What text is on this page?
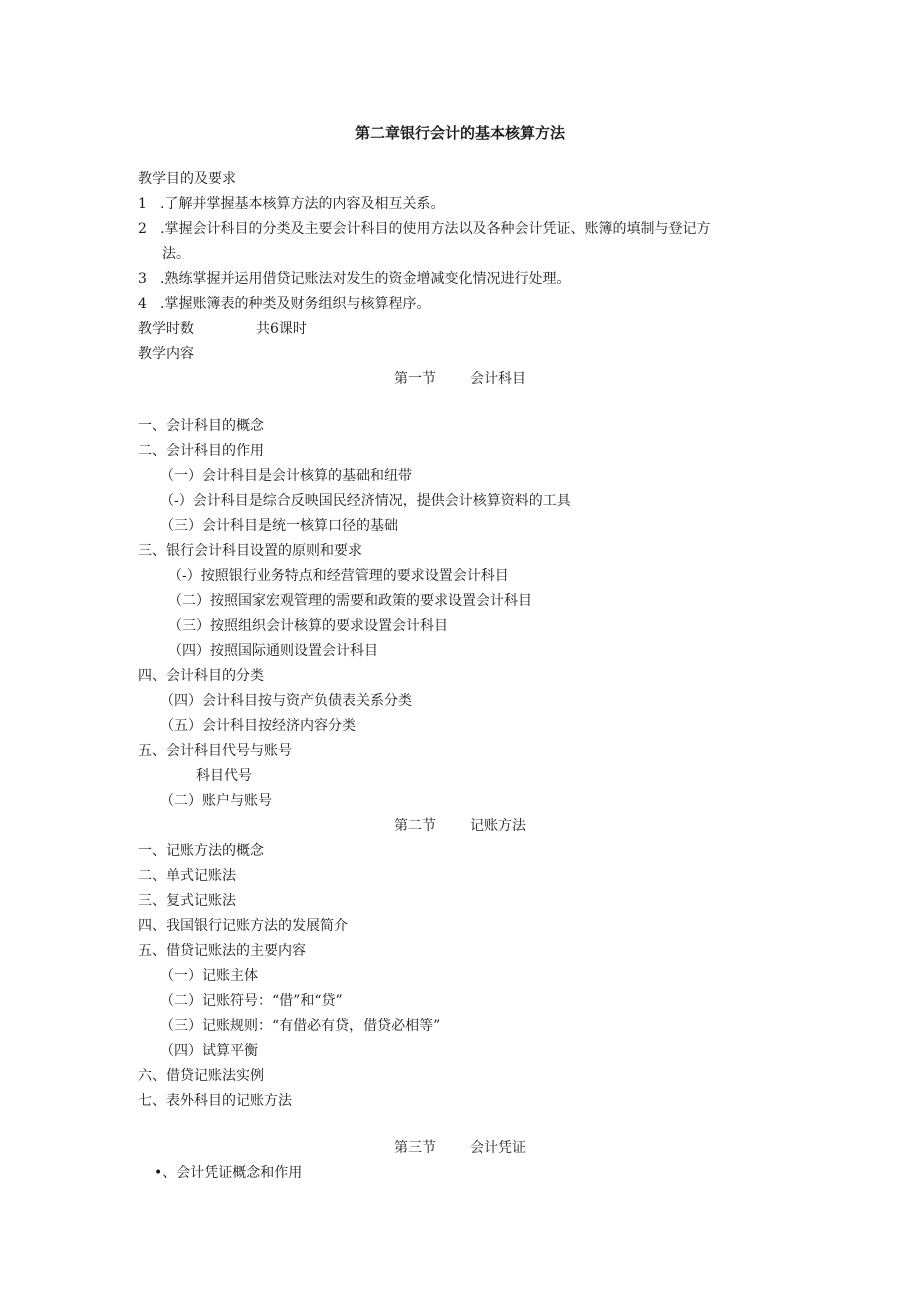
第二章银行会计的基本核算方法
教学目的及要求
1 .了解并掌握基本核算方法的内容及相互关系。
2 .掌握会计科目的分类及主要会计科目的使用方法以及各种会计凭证、账簿的填制与登记方
法。
3 .熟练掌握并运用借贷记账法对发生的资金增减变化情况进行处理。
4 .掌握账簿表的种类及财务组织与核算程序。
教学时数	共6课时
教学内容
第一节 会计科目
一、会计科目的概念
二、会计科目的作用
（一）会计科目是会计核算的基础和纽带
（-）会计科目是综合反映国民经济情况，提供会计核算资料的工具
（三）会计科目是统一核算口径的基础
三、银行会计科目设置的原则和要求
（-）按照银行业务特点和经营管理的要求设置会计科目
（二）按照国家宏观管理的需要和政策的要求设置会计科目
（三）按照组织会计核算的要求设置会计科目
（四）按照国际通则设置会计科目
四、会计科目的分类
（四）会计科目按与资产负债表关系分类
（五）会计科目按经济内容分类
五、会计科目代号与账号
科目代号
（二）账户与账号
第二节 记账方法
一、记账方法的概念
二、单式记账法
三、复式记账法
四、我国银行记账方法的发展简介
五、借贷记账法的主要内容
（一）记账主体
（二）记账符号：“借”和“贷”
（三）记账规则：“有借必有贷，借贷必相等”
（四）试算平衡
六、借贷记账法实例
七、表外科目的记账方法
第三节 会计凭证
•、会计凭证概念和作用
